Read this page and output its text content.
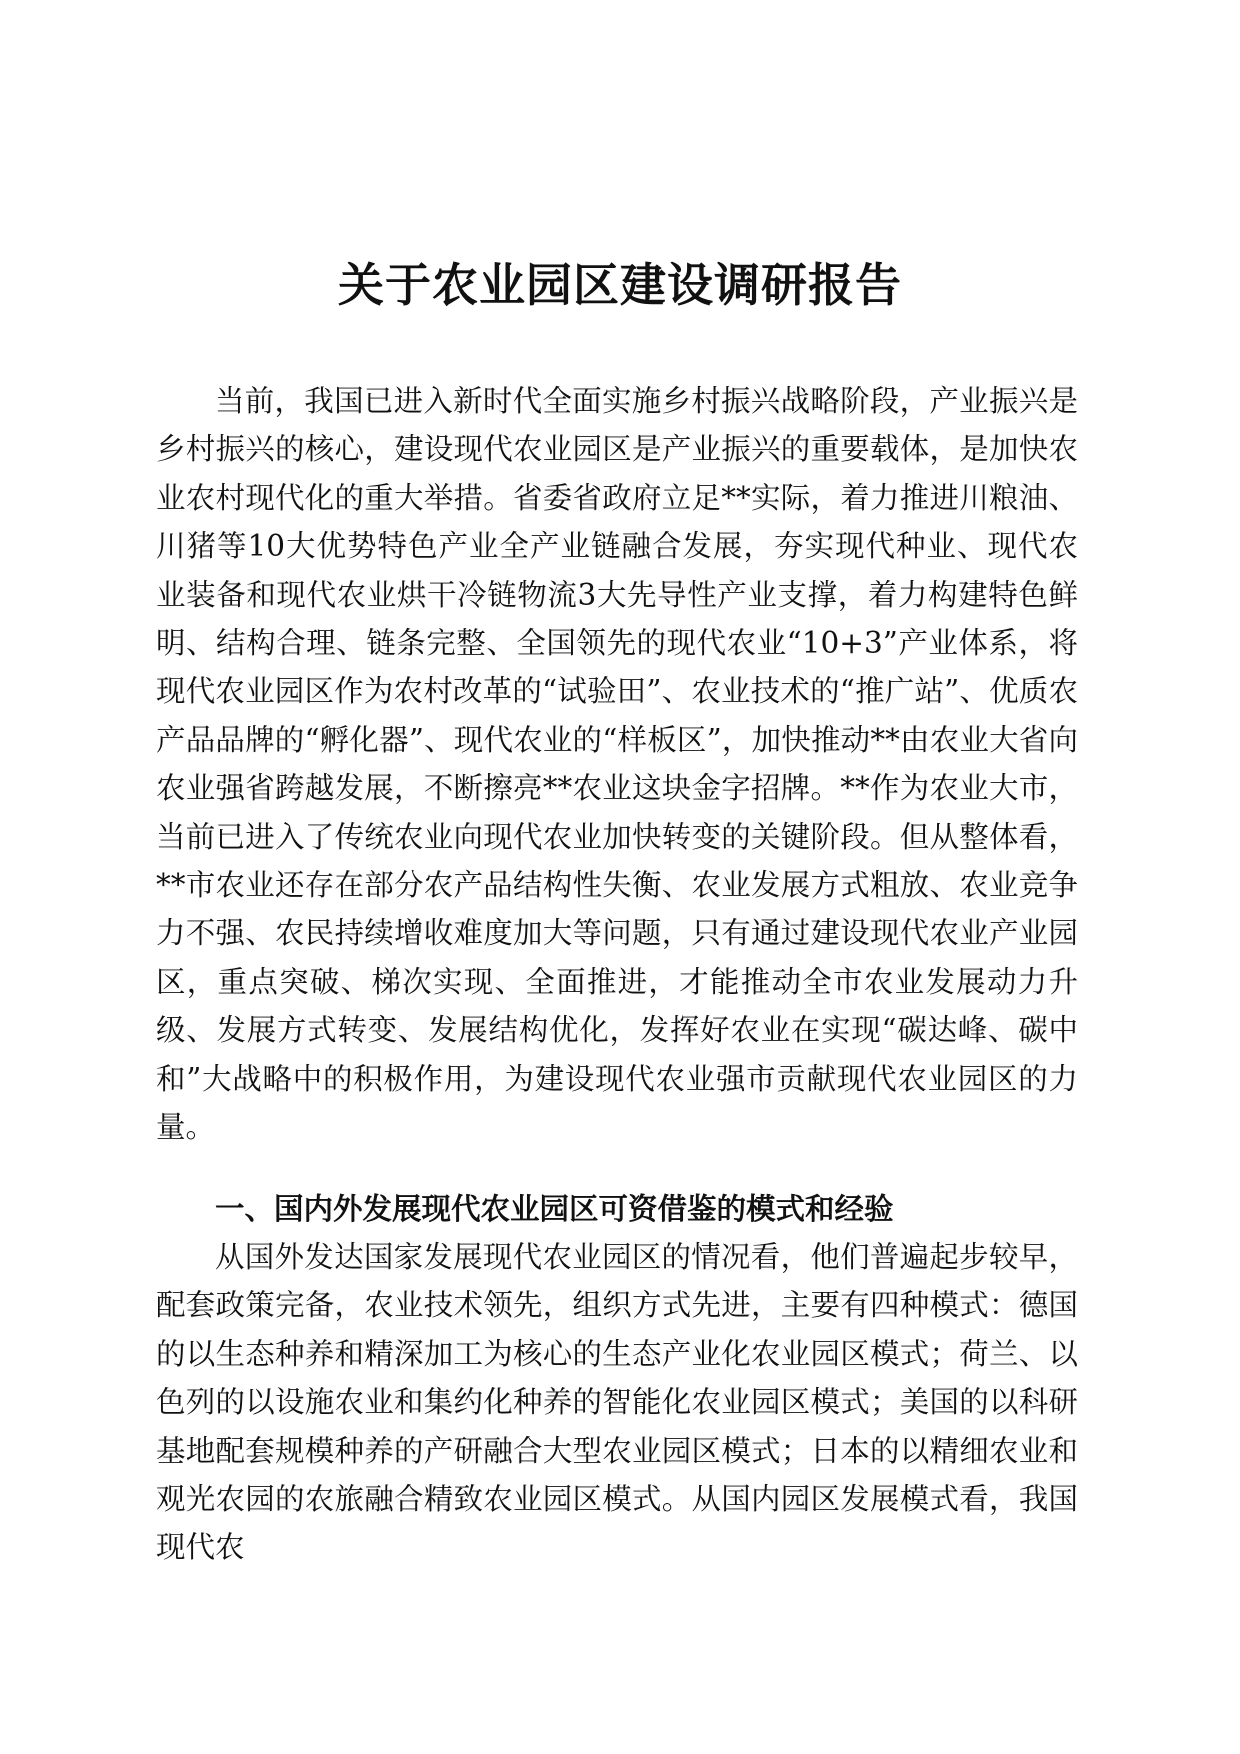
关于农业园区建设调研报告

当前，我国已进入新时代全面实施乡村振兴战略阶段，产业振兴是乡村振兴的核心，建设现代农业园区是产业振兴的重要载体，是加快农业农村现代化的重大举措。省委省政府立足**实际，着力推进川粮油、川猪等10大优势特色产业全产业链融合发展，夯实现代种业、现代农业装备和现代农业烘干冷链物流3大先导性产业支撑，着力构建特色鲜明、结构合理、链条完整、全国领先的现代农业“10+3”产业体系，将现代农业园区作为农村改革的“试验田”、农业技术的“推广站”、优质农产品品牌的“孵化器”、现代农业的“样板区”，加快推动**由农业大省向农业强省跨越发展，不断擦亮**农业这块金字招牌。**作为农业大市，当前已进入了传统农业向现代农业加快转变的关键阶段。但从整体看，**市农业还存在部分农产品结构性失衡、农业发展方式粗放、农业竞争力不强、农民持续增收难度加大等问题，只有通过建设现代农业产业园区，重点突破、梯次实现、全面推进，才能推动全市农业发展动力升级、发展方式转变、发展结构优化，发挥好农业在实现“碳达峰、碳中和”大战略中的积极作用，为建设现代农业强市贡献现代农业园区的力量。

一、国内外发展现代农业园区可资借鉴的模式和经验

从国外发达国家发展现代农业园区的情况看，他们普遍起步较早，配套政策完备，农业技术领先，组织方式先进，主要有四种模式：德国的以生态种养和精深加工为核心的生态产业化农业园区模式；荷兰、以色列的以设施农业和集约化种养的智能化农业园区模式；美国的以科研基地配套规模种养的产研融合大型农业园区模式；日本的以精细农业和观光农园的农旅融合精致农业园区模式。从国内园区发展模式看，我国现代农
